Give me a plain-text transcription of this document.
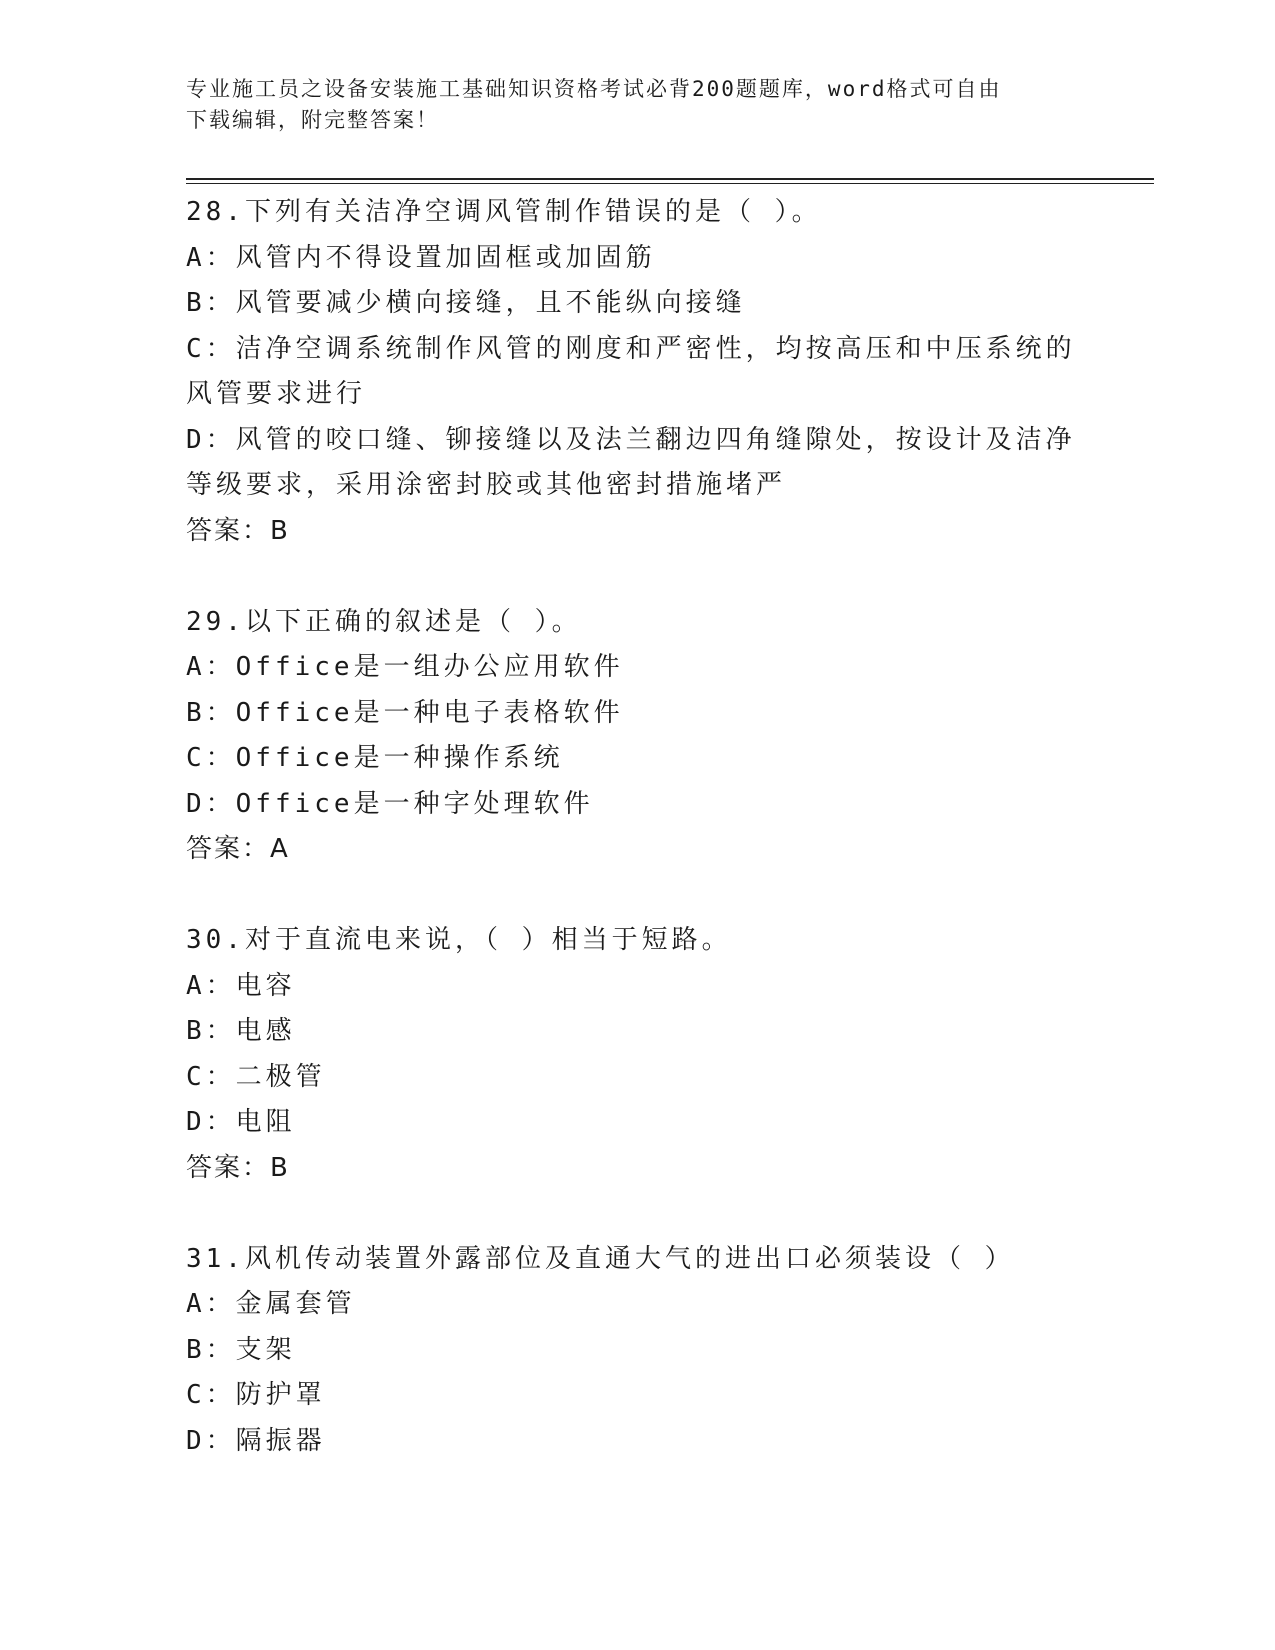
专业施工员之设备安装施工基础知识资格考试必背200题题库，word格式可自由
下载编辑，附完整答案！
28.下列有关洁净空调风管制作错误的是（ ）。
A：风管内不得设置加固框或加固筋
B：风管要减少横向接缝，且不能纵向接缝
C：洁净空调系统制作风管的刚度和严密性，均按高压和中压系统的风管要求进行
D：风管的咬口缝、铆接缝以及法兰翻边四角缝隙处，按设计及洁净等级要求，采用涂密封胶或其他密封措施堵严
答案：B
29.以下正确的叙述是（ ）。
A：Office是一组办公应用软件
B：Office是一种电子表格软件
C：Office是一种操作系统
D：Office是一种字处理软件
答案：A
30.对于直流电来说，（ ）相当于短路。
A：电容
B：电感
C：二极管
D：电阻
答案：B
31.风机传动装置外露部位及直通大气的进出口必须装设（ ）
A：金属套管
B：支架
C：防护罩
D：隔振器
